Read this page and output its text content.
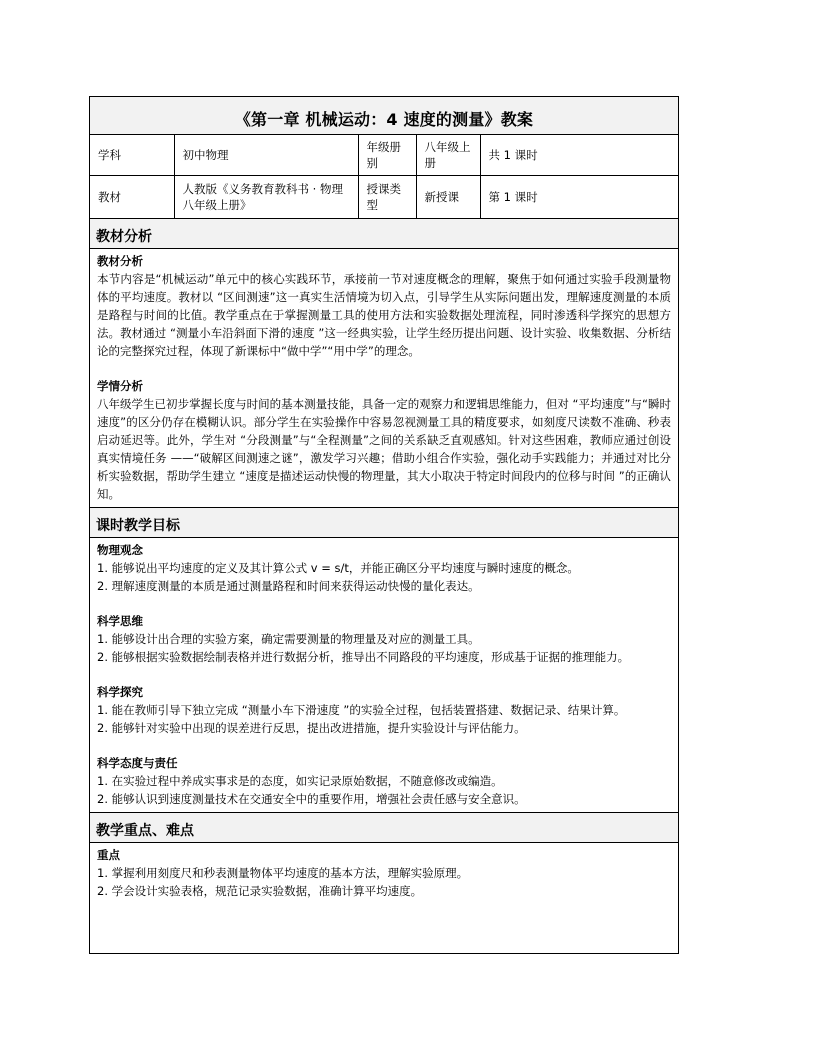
《第一章 机械运动：4 速度的测量》教案
学科	初中物理	年级册别	八年级上册	共 1 课时
教材	人教版《义务教育教科书 · 物理八年级上册》	授课类型	新授课	第 1 课时
教材分析
教材分析

本节内容是“机械运动”单元中的核心实践环节，承接前一节对速度概念的理解，聚焦于如何通过实验手段测量物体的平均速度。教材以 “区间测速”这一真实生活情境为切入点，引导学生从实际问题出发，理解速度测量的本质是路程与时间的比值。教学重点在于掌握测量工具的使用方法和实验数据处理流程，同时渗透科学探究的思想方法。教材通过 “测量小车沿斜面下滑的速度 ”这一经典实验，让学生经历提出问题、设计实验、收集数据、分析结论的完整探究过程，体现了新课标中“做中学”“用中学”的理念。

学情分析

八年级学生已初步掌握长度与时间的基本测量技能，具备一定的观察力和逻辑思维能力，但对 “平均速度”与“瞬时速度”的区分仍存在模糊认识。部分学生在实验操作中容易忽视测量工具的精度要求，如刻度尺读数不准确、秒表启动延迟等。此外，学生对 “分段测量”与“全程测量”之间的关系缺乏直观感知。针对这些困难，教师应通过创设真实情境任务 ——“破解区间测速之谜”，激发学习兴趣；借助小组合作实验，强化动手实践能力；并通过对比分析实验数据，帮助学生建立 “速度是描述运动快慢的物理量，其大小取决于特定时间段内的位移与时间 ”的正确认知。

课时教学目标
物理观念

1. 能够说出平均速度的定义及其计算公式 v = s/t，并能正确区分平均速度与瞬时速度的概念。

2. 理解速度测量的本质是通过测量路程和时间来获得运动快慢的量化表达。

科学思维

1. 能够设计出合理的实验方案，确定需要测量的物理量及对应的测量工具。

2. 能够根据实验数据绘制表格并进行数据分析，推导出不同路段的平均速度，形成基于证据的推理能力。

科学探究

1. 能在教师引导下独立完成 “测量小车下滑速度 ”的实验全过程，包括装置搭建、数据记录、结果计算。

2. 能够针对实验中出现的误差进行反思，提出改进措施，提升实验设计与评估能力。

科学态度与责任

1. 在实验过程中养成实事求是的态度，如实记录原始数据，不随意修改或编造。

2. 能够认识到速度测量技术在交通安全中的重要作用，增强社会责任感与安全意识。

教学重点、难点
重点

1. 掌握利用刻度尺和秒表测量物体平均速度的基本方法，理解实验原理。

2. 学会设计实验表格，规范记录实验数据，准确计算平均速度。
